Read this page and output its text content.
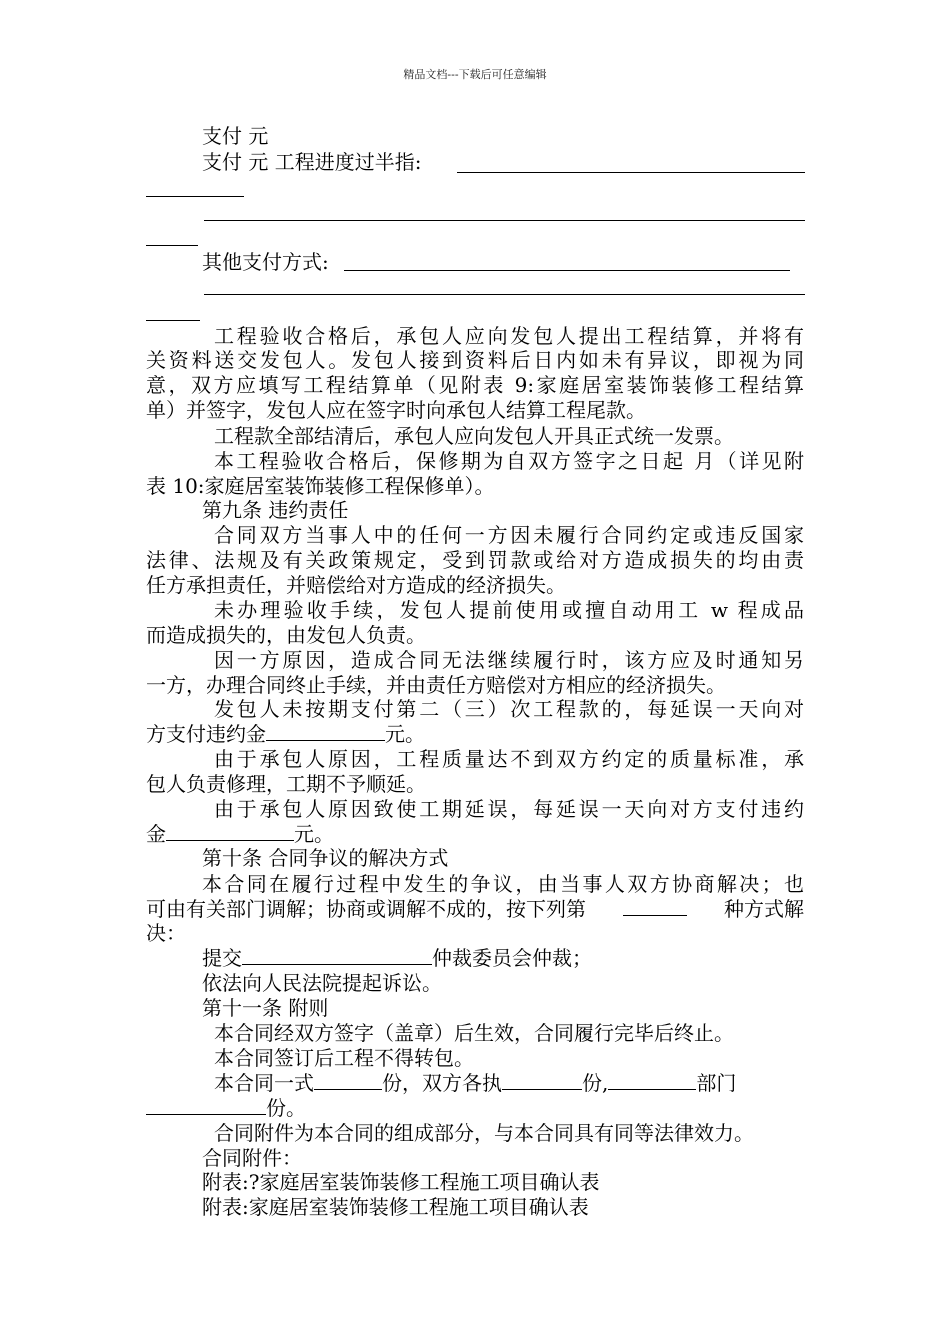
精品文档---下载后可任意编辑
支付 元
支付 元 工程进度过半指:
其他支付方式:
工程验收合格后，承包人应向发包人提出工程结算，并将有
关资料送交发包人。发包人接到资料后日内如未有异议，即视为同
意，双方应填写工程结算单（见附表 9:家庭居室装饰装修工程结算
单）并签字，发包人应在签字时向承包人结算工程尾款。
工程款全部结清后，承包人应向发包人开具正式统一发票。
本工程验收合格后，保修期为自双方签字之日起 月（详见附
表 10:家庭居室装饰装修工程保修单）。
第九条 违约责任
合同双方当事人中的任何一方因未履行合同约定或违反国家
法律、法规及有关政策规定，受到罚款或给对方造成损失的均由责
任方承担责任，并赔偿给对方造成的经济损失。
未办理验收手续，发包人提前使用或擅自动用工 w 程成品
而造成损失的，由发包人负责。
因一方原因，造成合同无法继续履行时，该方应及时通知另
一方，办理合同终止手续，并由责任方赔偿对方相应的经济损失。
发包人未按期支付第二（三）次工程款的，每延误一天向对
方支付违约金	元。
由于承包人原因，工程质量达不到双方约定的质量标准，承
包人负责修理，工期不予顺延。
由于承包人原因致使工期延误，每延误一天向对方支付违约
金	元。
第十条 合同争议的解决方式
本合同在履行过程中发生的争议，由当事人双方协商解决；也
可由有关部门调解；协商或调解不成的，按下列第	种方式解
决：
提交	仲裁委员会仲裁；
依法向人民法院提起诉讼。
第十一条 附则
本合同经双方签字（盖章）后生效，合同履行完毕后终止。
本合同签订后工程不得转包。
本合同一式	份，双方各执	份,	部门
份。
合同附件为本合同的组成部分，与本合同具有同等法律效力。
合同附件：
附表:?家庭居室装饰装修工程施工项目确认表
附表:家庭居室装饰装修工程施工项目确认表
